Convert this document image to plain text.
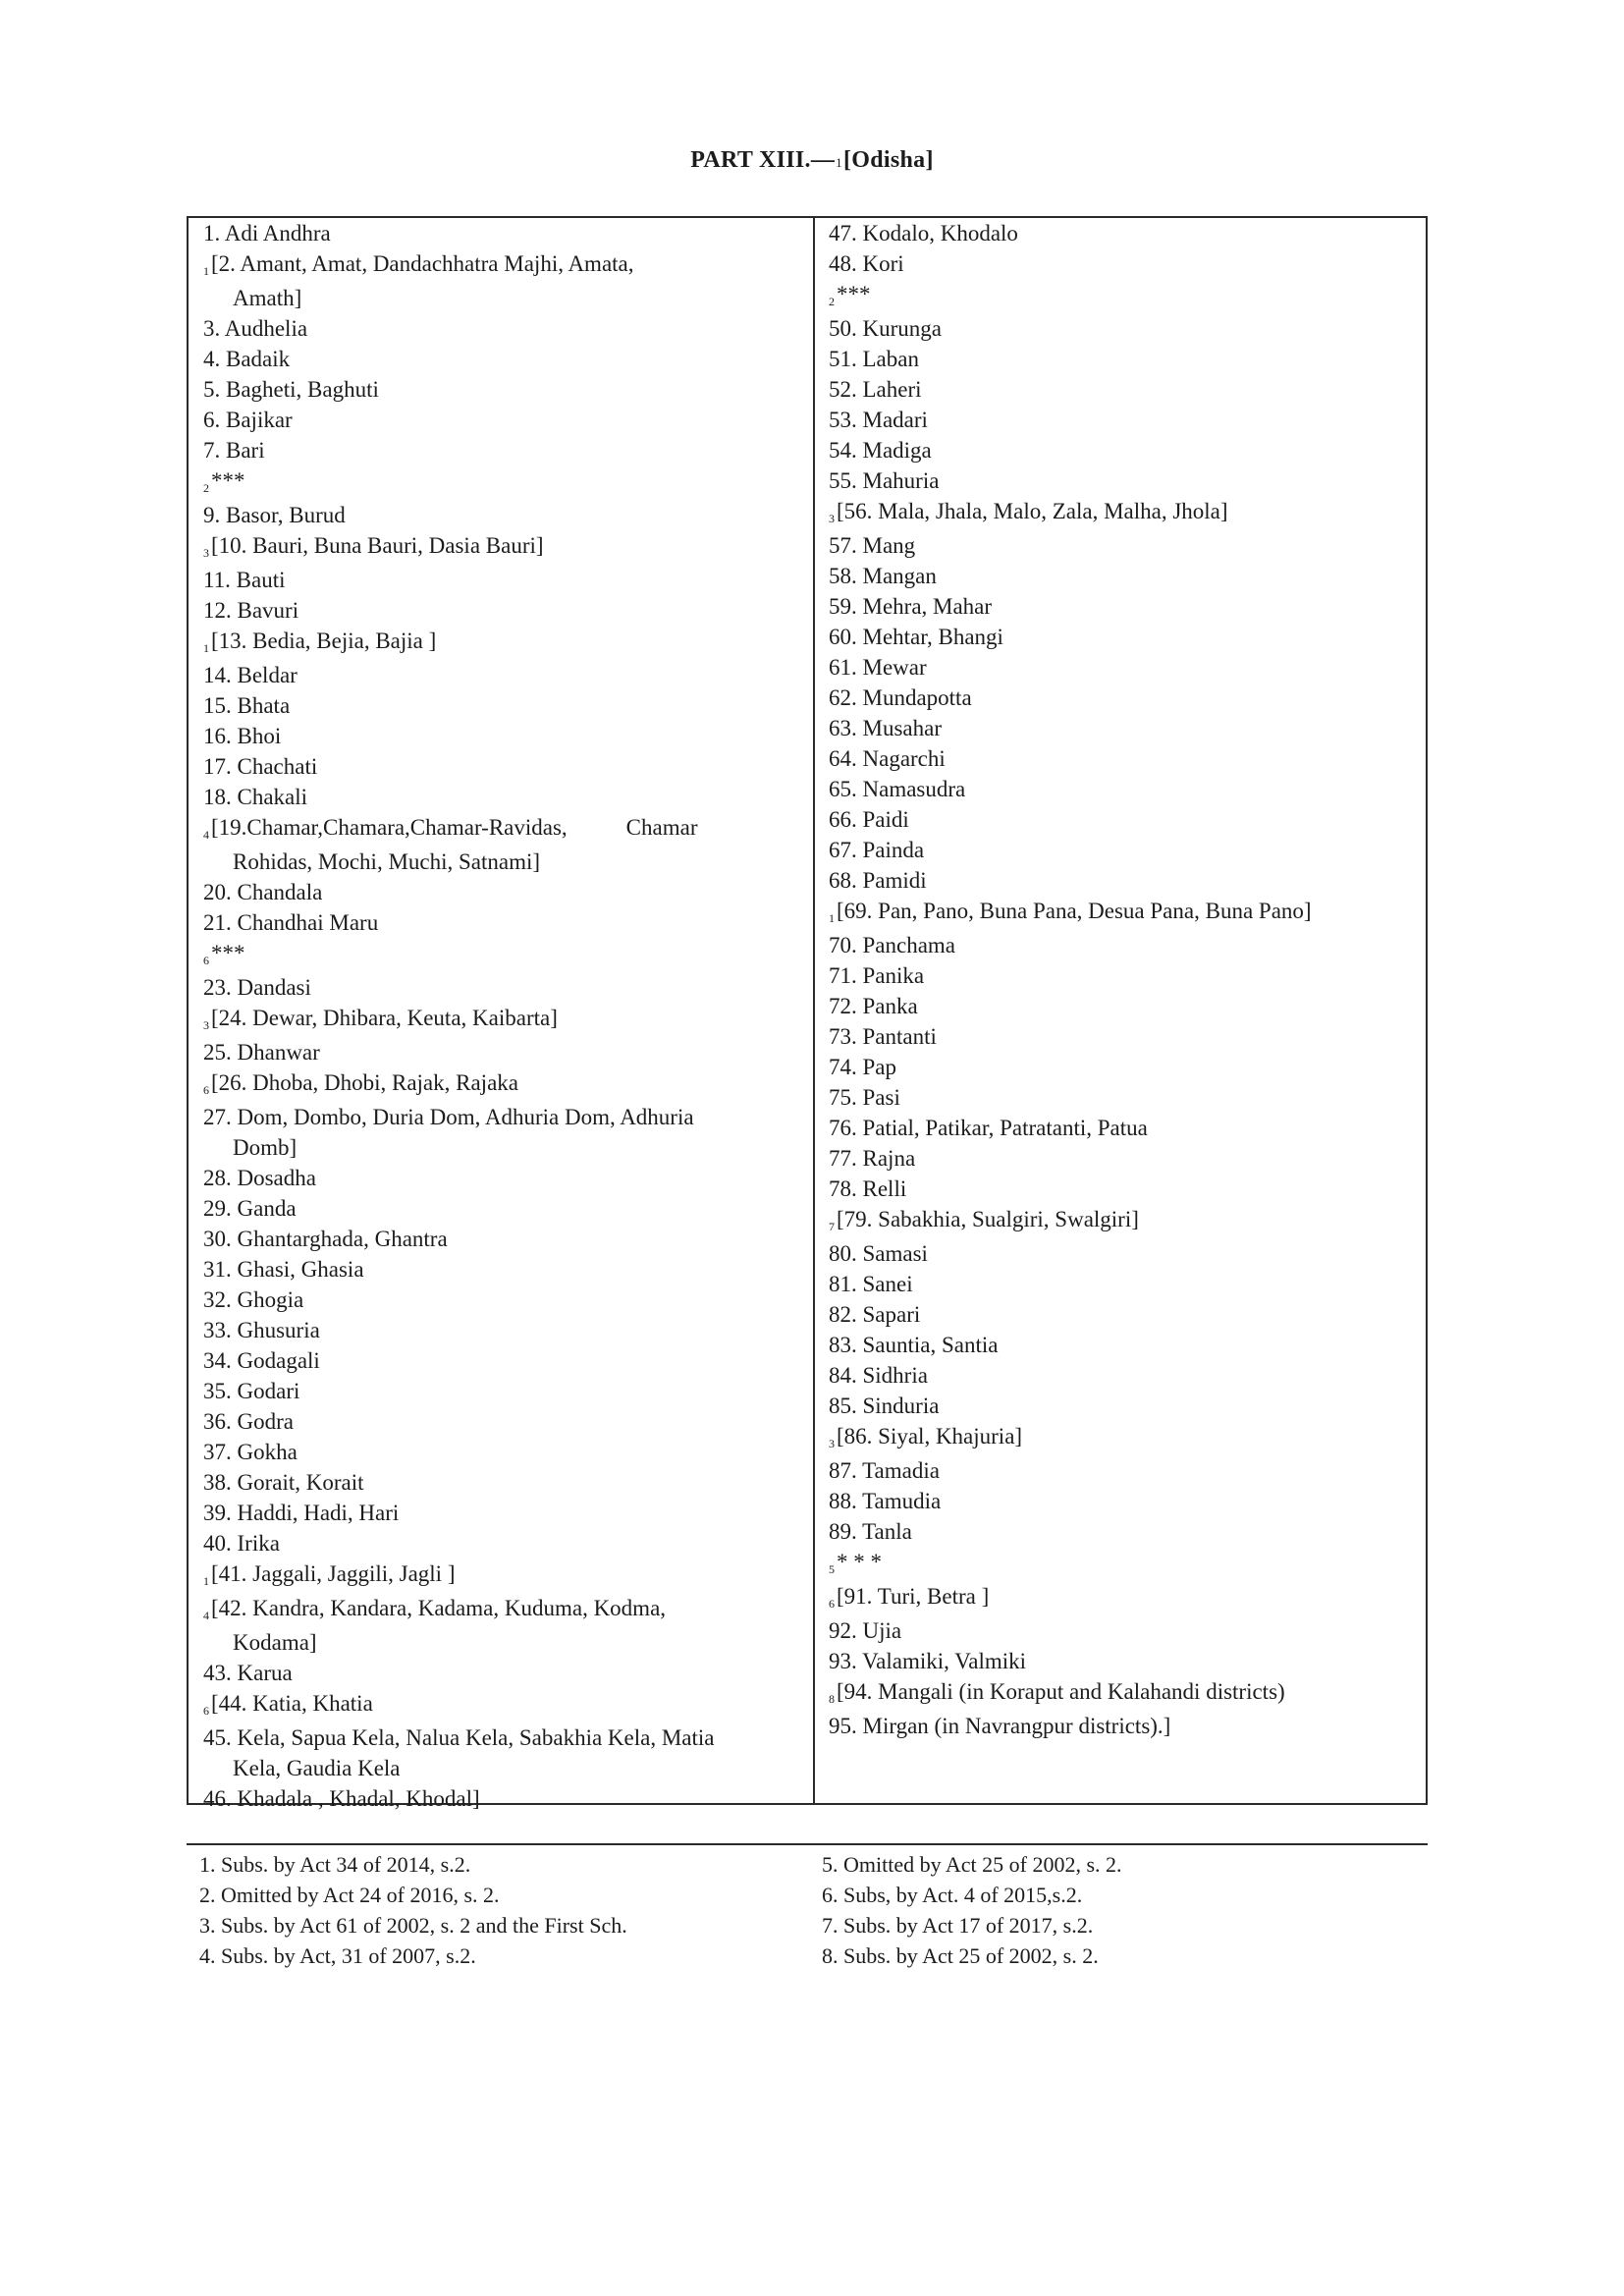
PART XIII.—1[Odisha]
1. Adi Andhra
1[2. Amant, Amat, Dandachhatra Majhi, Amata,
Amath]
3. Audhelia
4. Badaik
5. Bagheti, Baghuti
6. Bajikar
7. Bari
2***
9. Basor, Burud
3[10. Bauri, Buna Bauri, Dasia Bauri]
11. Bauti
12. Bavuri
1[13. Bedia, Bejia, Bajia ]
14. Beldar
15. Bhata
16. Bhoi
17. Chachati
18. Chakali
4[19.Chamar,Chamara,Chamar-Ravidas,	Chamar
Rohidas, Mochi, Muchi, Satnami]
20. Chandala
21. Chandhai Maru
6***
23. Dandasi
3[24. Dewar, Dhibara, Keuta, Kaibarta]
25. Dhanwar
6[26. Dhoba, Dhobi, Rajak, Rajaka
27. Dom, Dombo, Duria Dom, Adhuria Dom, Adhuria
Domb]
28. Dosadha
29. Ganda
30. Ghantarghada, Ghantra
31. Ghasi, Ghasia
32. Ghogia
33. Ghusuria
34. Godagali
35. Godari
36. Godra
37. Gokha
38. Gorait, Korait
39. Haddi, Hadi, Hari
40. Irika
1[41. Jaggali, Jaggili, Jagli ]
4[42. Kandra, Kandara, Kadama, Kuduma, Kodma,
Kodama]
43. Karua
6[44. Katia, Khatia
45. Kela, Sapua Kela, Nalua Kela, Sabakhia Kela, Matia
Kela, Gaudia Kela
46. Khadala , Khadal, Khodal]
47. Kodalo, Khodalo
48. Kori
2***
50. Kurunga
51. Laban
52. Laheri
53. Madari
54. Madiga
55. Mahuria
3[56. Mala, Jhala, Malo, Zala, Malha, Jhola]
57. Mang
58. Mangan
59. Mehra, Mahar
60. Mehtar, Bhangi
61. Mewar
62. Mundapotta
63. Musahar
64. Nagarchi
65. Namasudra
66. Paidi
67. Painda
68. Pamidi
1[69. Pan, Pano, Buna Pana, Desua Pana, Buna Pano]
70. Panchama
71. Panika
72. Panka
73. Pantanti
74. Pap
75. Pasi
76. Patial, Patikar, Patratanti, Patua
77. Rajna
78. Relli
7[79. Sabakhia, Sualgiri, Swalgiri]
80. Samasi
81. Sanei
82. Sapari
83. Sauntia, Santia
84. Sidhria
85. Sinduria
3[86. Siyal, Khajuria]
87. Tamadia
88. Tamudia
89. Tanla
5* * *
6[91. Turi, Betra ]
92. Ujia
93. Valamiki, Valmiki
8[94. Mangali (in Koraput and Kalahandi districts)
95. Mirgan (in Navrangpur districts).]
1. Subs. by Act 34 of 2014, s.2.
2. Omitted by Act 24 of 2016, s. 2.
3. Subs. by Act 61 of 2002, s. 2 and the First Sch.
4. Subs. by Act, 31 of 2007, s.2.
5. Omitted by Act 25 of 2002, s. 2.
6. Subs, by Act. 4 of 2015,s.2.
7. Subs. by Act 17 of 2017, s.2.
8. Subs. by Act 25 of 2002, s. 2.
